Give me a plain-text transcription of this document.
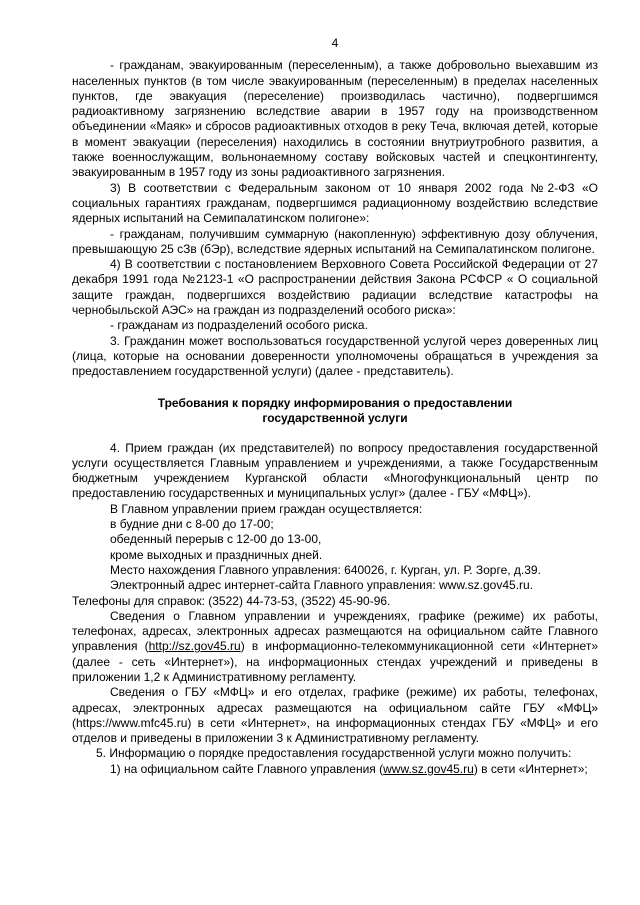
4

- гражданам, эвакуированным (переселенным), а также добровольно выехавшим из населенных пунктов (в том числе эвакуированным (переселенным) в пределах населенных пунктов, где эвакуация (переселение) производилась частично), подвергшимся радиоактивному загрязнению вследствие аварии в 1957 году на производственном объединении «Маяк» и сбросов радиоактивных отходов в реку Теча, включая детей, которые в момент эвакуации (переселения) находились в состоянии внутриутробного развития, а также военнослужащим, вольнонаемному составу войсковых частей и спецконтингенту, эвакуированным в 1957 году из зоны радиоактивного загрязнения.

3) В соответствии с Федеральным законом от 10 января 2002 года №2-ФЗ «О социальных гарантиях гражданам, подвергшимся радиационному воздействию вследствие ядерных испытаний на Семипалатинском полигоне»:

- гражданам, получившим суммарную (накопленную) эффективную дозу облучения, превышающую 25 сЗв (бЭр), вследствие ядерных испытаний на Семипалатинском полигоне.

4) В соответствии с постановлением Верховного Совета Российской Федерации от 27 декабря 1991 года №2123-1 «О распространении действия Закона РСФСР « О социальной защите граждан, подвергшихся воздействию радиации вследствие катастрофы на чернобыльской АЭС» на граждан из подразделений особого риска»:

- гражданам из подразделений особого риска.

3. Гражданин может воспользоваться государственной услугой через доверенных лиц (лица, которые на основании доверенности уполномочены обращаться в учреждения за предоставлением государственной услуги) (далее - представитель).

Требования к порядку информирования о предоставлении государственной услуги

4. Прием граждан (их представителей) по вопросу предоставления государственной услуги осуществляется Главным управлением и учреждениями, а также Государственным бюджетным учреждением Курганской области «Многофункциональный центр по предоставлению государственных и муниципальных услуг» (далее - ГБУ «МФЦ»).

В Главном управлении прием граждан осуществляется:

в будние дни с 8-00 до 17-00;

обеденный перерыв с 12-00 до 13-00,

кроме выходных и праздничных дней.

Место нахождения Главного управления: 640026, г. Курган, ул. Р. Зорге, д.39.

Электронный адрес интернет-сайта Главного управления: www.sz.gov45.ru.

Телефоны для справок: (3522) 44-73-53, (3522) 45-90-96.

Сведения о Главном управлении и учреждениях, графике (режиме) их работы, телефонах, адресах, электронных адресах размещаются на официальном сайте Главного управления (http://sz.gov45.ru) в информационно-телекоммуникационной сети «Интернет» (далее - сеть «Интернет»), на информационных стендах учреждений и приведены в приложении 1,2 к Административному регламенту.

Сведения о ГБУ «МФЦ» и его отделах, графике (режиме) их работы, телефонах, адресах, электронных адресах размещаются на официальном сайте ГБУ «МФЦ» (https://www.mfc45.ru) в сети «Интернет», на информационных стендах ГБУ «МФЦ» и его отделов и приведены в приложении 3 к Административному регламенту.

5. Информацию о порядке предоставления государственной услуги можно получить:

1) на официальном сайте Главного управления (www.sz.gov45.ru) в сети «Интернет»;
